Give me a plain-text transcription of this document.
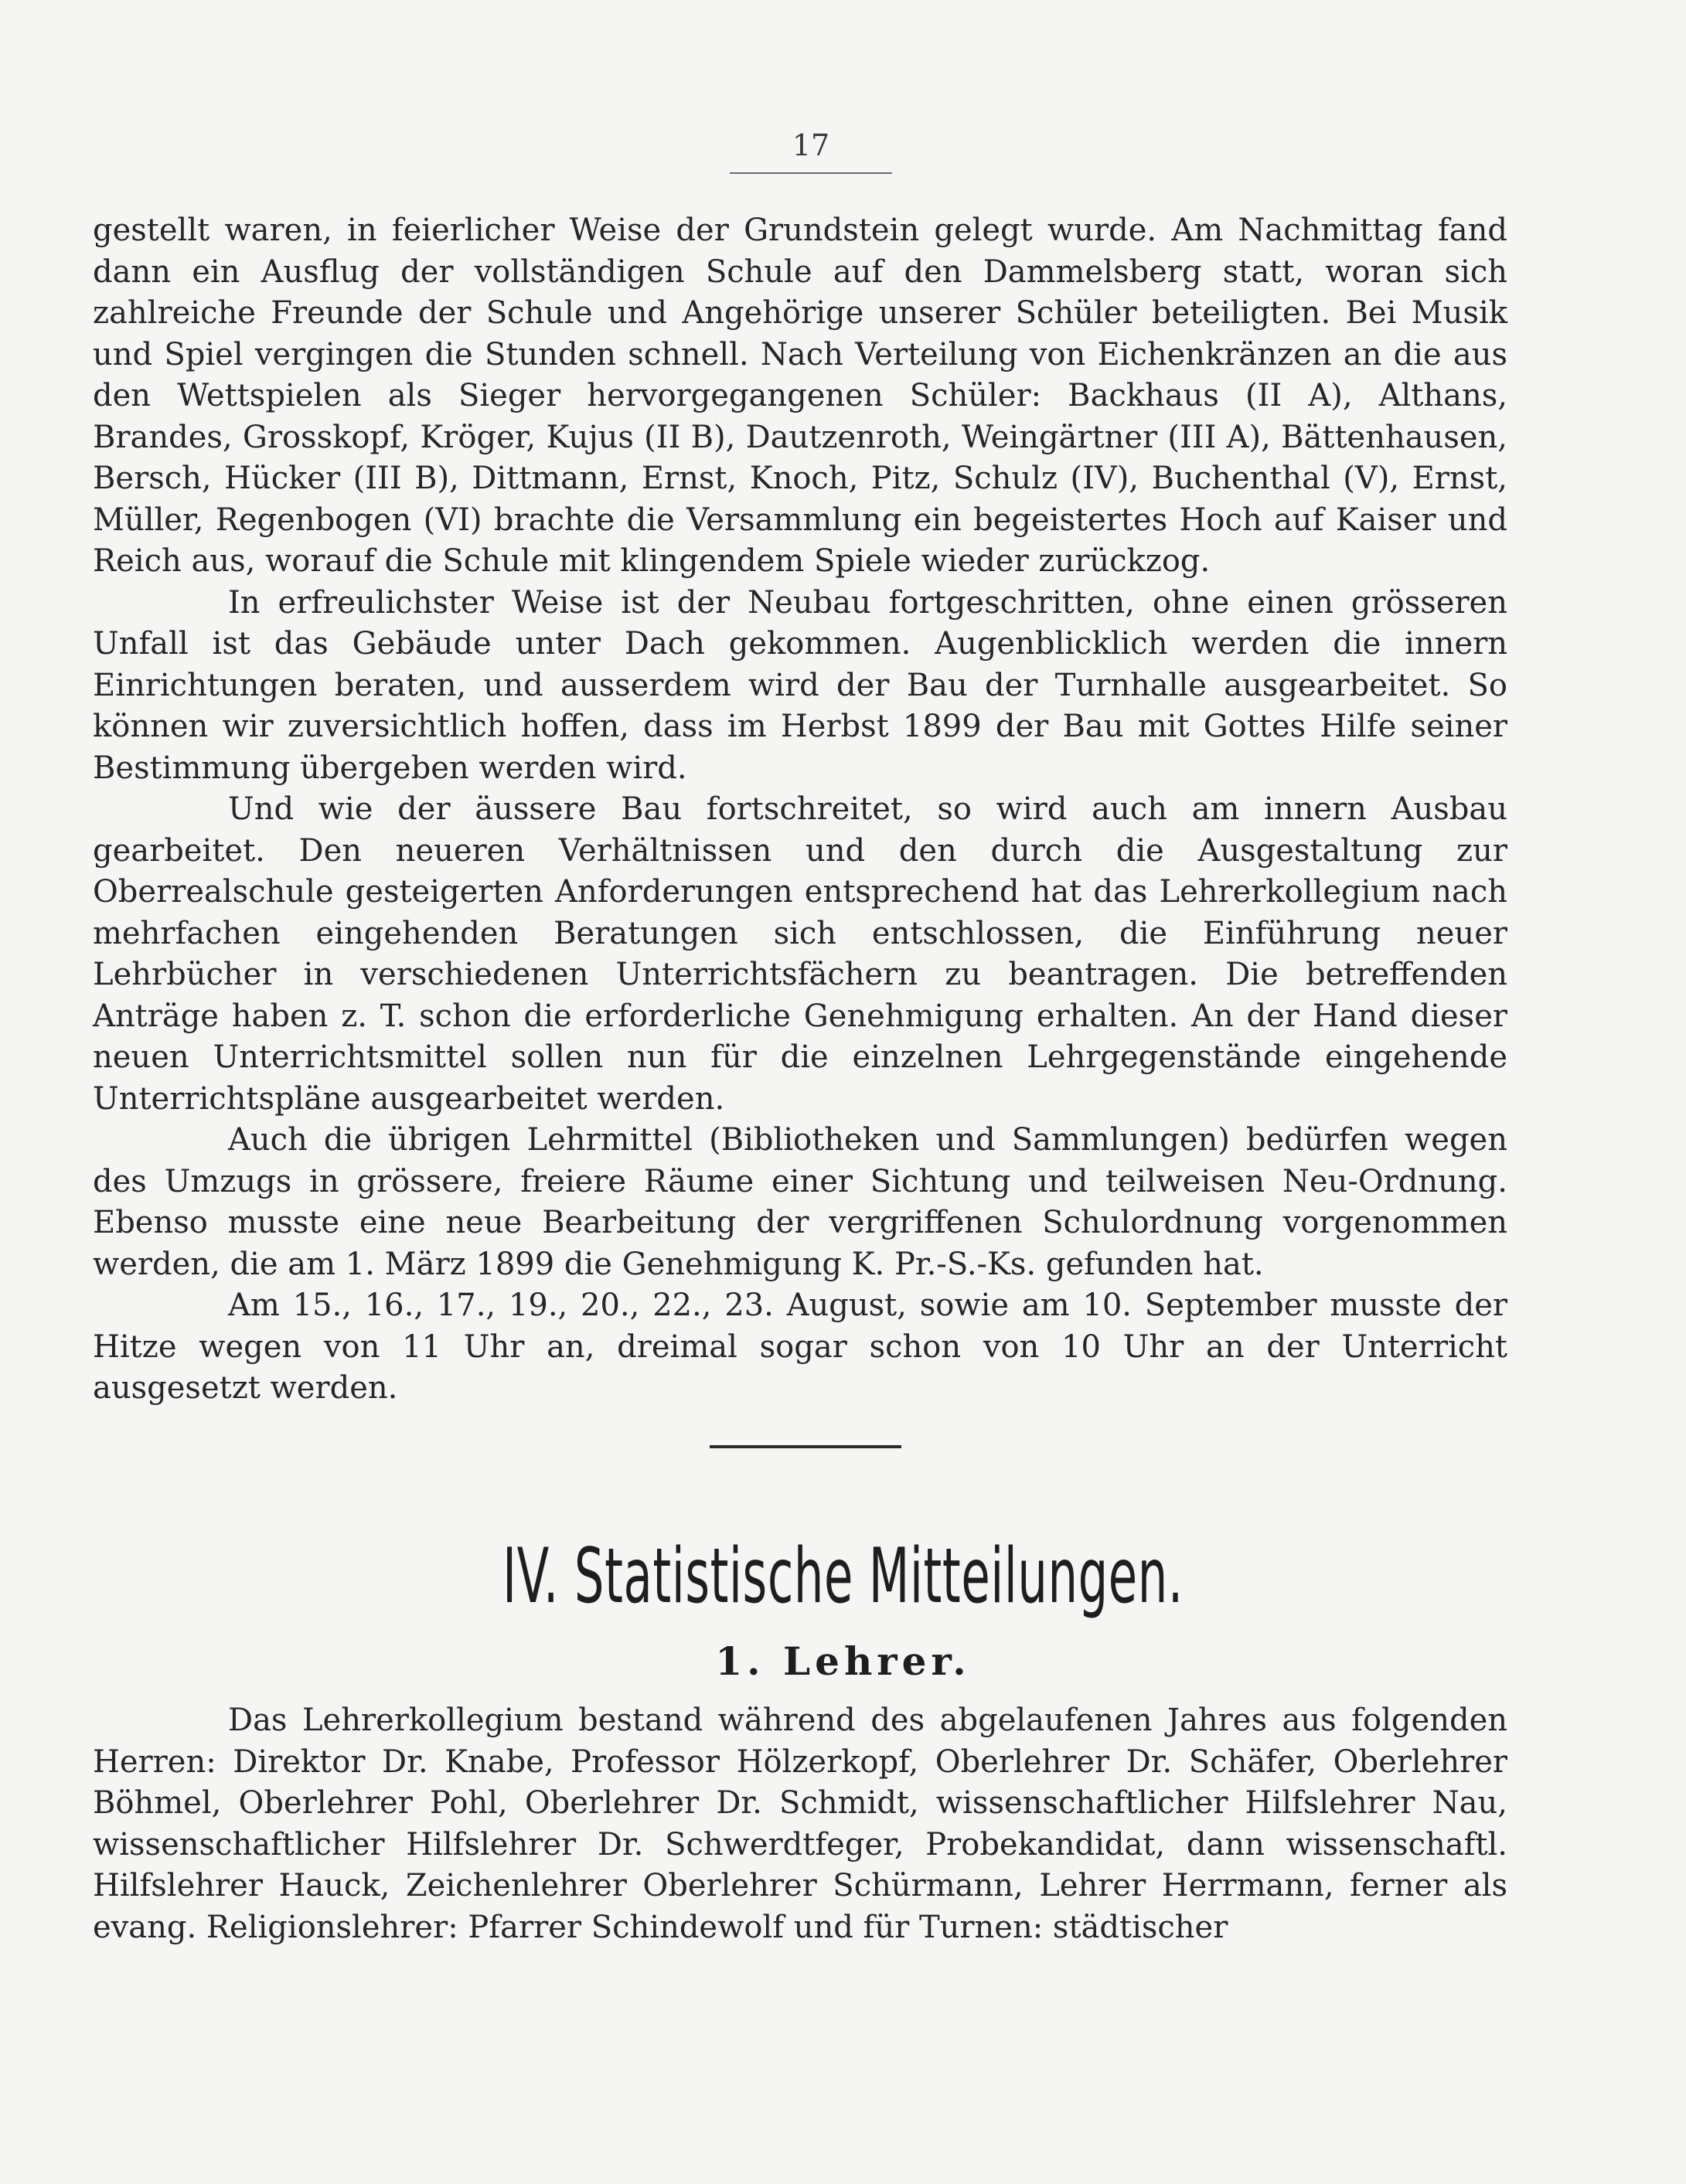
17

gestellt waren, in feierlicher Weise der Grundstein gelegt wurde. Am Nachmittag fand dann ein Ausflug der vollständigen Schule auf den Dammelsberg statt, woran sich zahlreiche Freunde der Schule und Angehörige unserer Schüler beteiligten. Bei Musik und Spiel vergingen die Stunden schnell. Nach Verteilung von Eichenkränzen an die aus den Wettspielen als Sieger hervorgegangenen Schüler: Backhaus (II A), Althans, Brandes, Grosskopf, Kröger, Kujus (II B), Dautzenroth, Weingärtner (III A), Bättenhausen, Bersch, Hücker (III B), Dittmann, Ernst, Knoch, Pitz, Schulz (IV), Buchenthal (V), Ernst, Müller, Regenbogen (VI) brachte die Versammlung ein begeistertes Hoch auf Kaiser und Reich aus, worauf die Schule mit klingendem Spiele wieder zurückzog.

In erfreulichster Weise ist der Neubau fortgeschritten, ohne einen grösseren Unfall ist das Gebäude unter Dach gekommen. Augenblicklich werden die innern Einrichtungen beraten, und ausserdem wird der Bau der Turnhalle ausgearbeitet. So können wir zuversichtlich hoffen, dass im Herbst 1899 der Bau mit Gottes Hilfe seiner Bestimmung übergeben werden wird.

Und wie der äussere Bau fortschreitet, so wird auch am innern Ausbau gearbeitet. Den neueren Verhältnissen und den durch die Ausgestaltung zur Oberrealschule gesteigerten Anforderungen entsprechend hat das Lehrerkollegium nach mehrfachen eingehenden Beratungen sich entschlossen, die Einführung neuer Lehrbücher in verschiedenen Unterrichtsfächern zu beantragen. Die betreffenden Anträge haben z. T. schon die erforderliche Genehmigung erhalten. An der Hand dieser neuen Unterrichtsmittel sollen nun für die einzelnen Lehrgegenstände eingehende Unterrichtspläne ausgearbeitet werden.

Auch die übrigen Lehrmittel (Bibliotheken und Sammlungen) bedürfen wegen des Umzugs in grössere, freiere Räume einer Sichtung und teilweisen Neu-Ordnung. Ebenso musste eine neue Bearbeitung der vergriffenen Schulordnung vorgenommen werden, die am 1. März 1899 die Genehmigung K. Pr.-S.-Ks. gefunden hat.

Am 15., 16., 17., 19., 20., 22., 23. August, sowie am 10. September musste der Hitze wegen von 11 Uhr an, dreimal sogar schon von 10 Uhr an der Unterricht ausgesetzt werden.

IV. Statistische Mitteilungen.
1. Lehrer.

Das Lehrerkollegium bestand während des abgelaufenen Jahres aus folgenden Herren: Direktor Dr. Knabe, Professor Hölzerkopf, Oberlehrer Dr. Schäfer, Oberlehrer Böhmel, Oberlehrer Pohl, Oberlehrer Dr. Schmidt, wissenschaftlicher Hilfslehrer Nau, wissenschaftlicher Hilfslehrer Dr. Schwerdtfeger, Probekandidat, dann wissenschaftl. Hilfslehrer Hauck, Zeichenlehrer Oberlehrer Schürmann, Lehrer Herrmann, ferner als evang. Religionslehrer: Pfarrer Schindewolf und für Turnen: städtischer
